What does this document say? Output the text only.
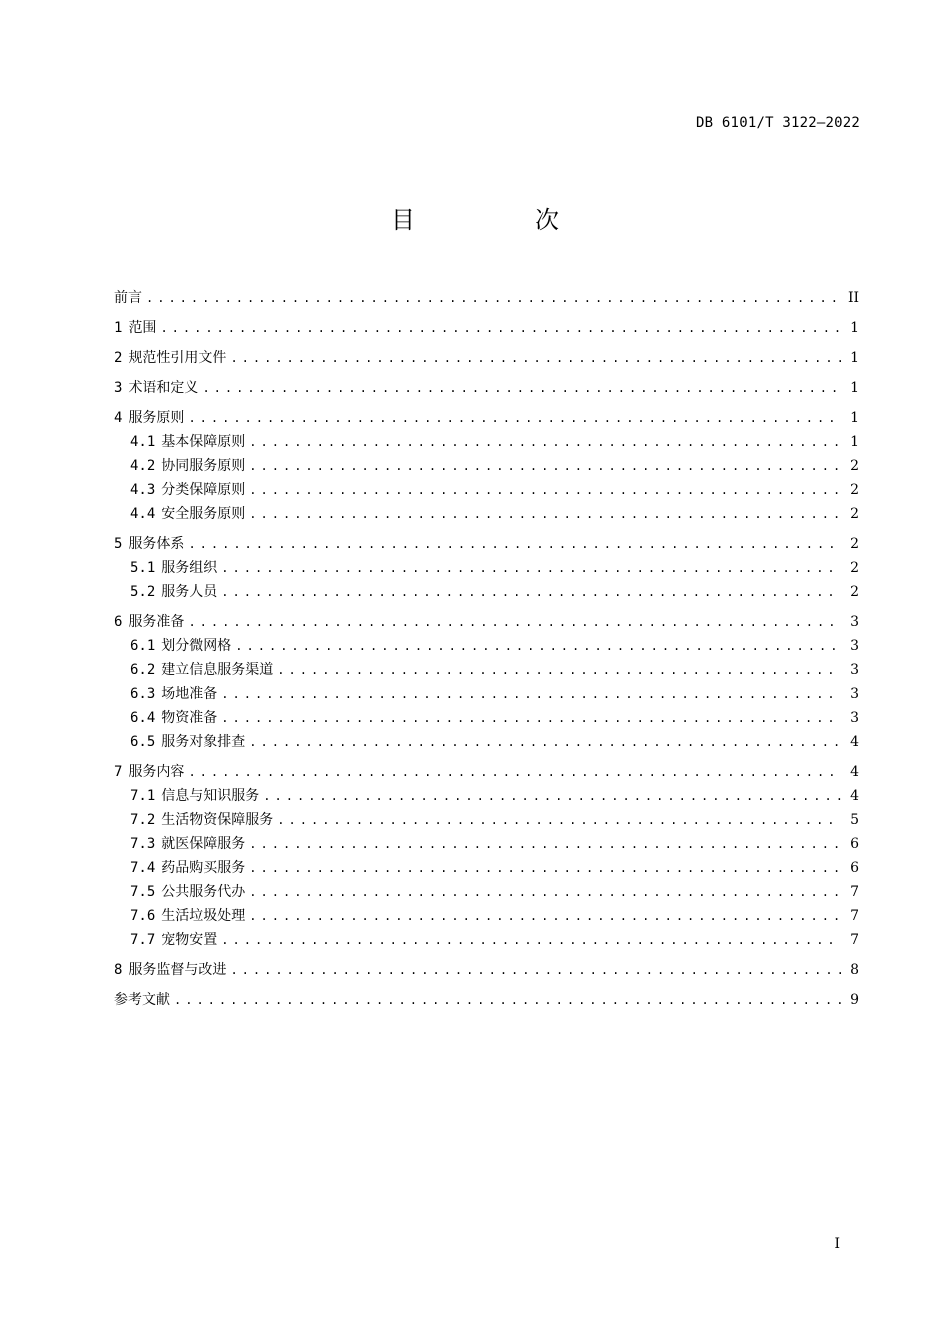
DB 6101/T 3122—2022
目　次
前言 .....	II
1 范围 .....	1
2 规范性引用文件 .....	1
3 术语和定义 .....	1
4 服务原则 .....	1
4.1 基本保障原则 .....	1
4.2 协同服务原则 .....	2
4.3 分类保障原则 .....	2
4.4 安全服务原则 .....	2
5 服务体系 .....	2
5.1 服务组织 .....	2
5.2 服务人员 .....	2
6 服务准备 .....	3
6.1 划分微网格 .....	3
6.2 建立信息服务渠道 .....	3
6.3 场地准备 .....	3
6.4 物资准备 .....	3
6.5 服务对象排查 .....	4
7 服务内容 .....	4
7.1 信息与知识服务 .....	4
7.2 生活物资保障服务 .....	5
7.3 就医保障服务 .....	6
7.4 药品购买服务 .....	6
7.5 公共服务代办 .....	7
7.6 生活垃圾处理 .....	7
7.7 宠物安置 .....	7
8 服务监督与改进 .....	8
参考文献 .....	9
I
